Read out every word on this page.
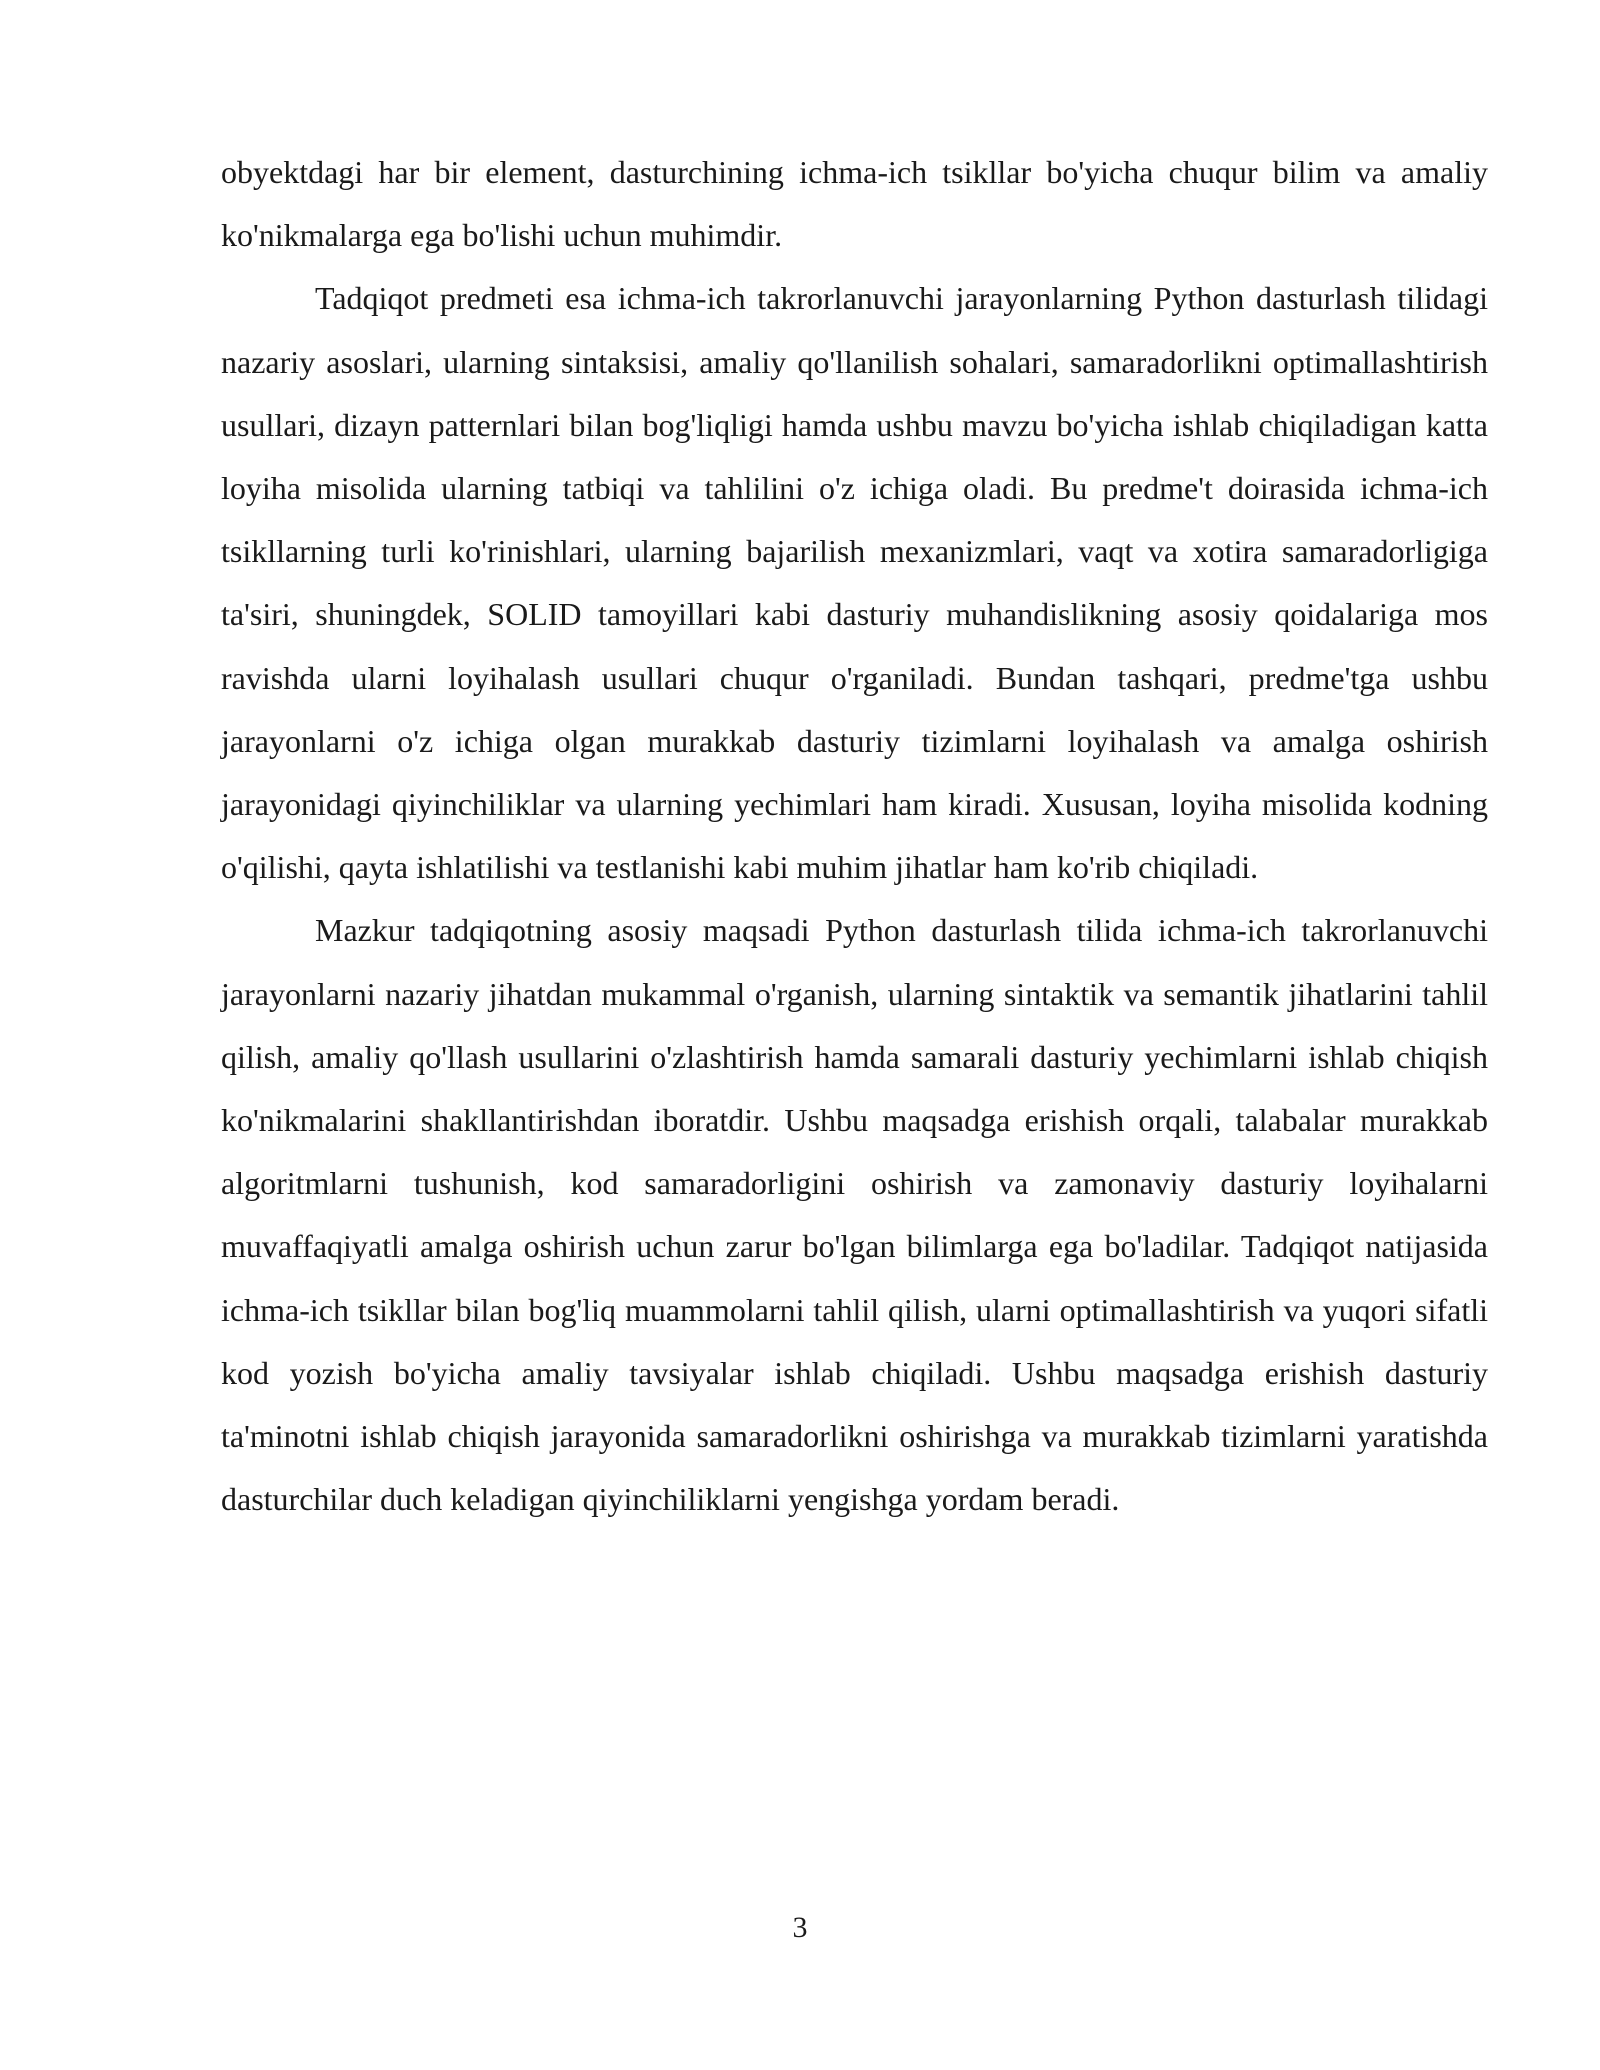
obyektdagi har bir element, dasturchining ichma-ich tsikllar bo'yicha chuqur bilim va amaliy ko'nikmalarga ega bo'lishi uchun muhimdir.

Tadqiqot predmeti esa ichma-ich takrorlanuvchi jarayonlarning Python dasturlash tilidagi nazariy asoslari, ularning sintaksisi, amaliy qo'llanilish sohalari, samaradorlikni optimallashtirish usullari, dizayn patternlari bilan bog'liqligi hamda ushbu mavzu bo'yicha ishlab chiqiladigan katta loyiha misolida ularning tatbiqi va tahlilini o'z ichiga oladi. Bu predme't doirasida ichma-ich tsikllarning turli ko'rinishlari, ularning bajarilish mexanizmlari, vaqt va xotira samaradorligiga ta'siri, shuningdek, SOLID tamoyillari kabi dasturiy muhandislikning asosiy qoidalariga mos ravishda ularni loyihalash usullari chuqur o'rganiladi. Bundan tashqari, predme'tga ushbu jarayonlarni o'z ichiga olgan murakkab dasturiy tizimlarni loyihalash va amalga oshirish jarayonidagi qiyinchiliklar va ularning yechimlari ham kiradi. Xususan, loyiha misolida kodning o'qilishi, qayta ishlatilishi va testlanishi kabi muhim jihatlar ham ko'rib chiqiladi.

Mazkur tadqiqotning asosiy maqsadi Python dasturlash tilida ichma-ich takrorlanuvchi jarayonlarni nazariy jihatdan mukammal o'rganish, ularning sintaktik va semantik jihatlarini tahlil qilish, amaliy qo'llash usullarini o'zlashtirish hamda samarali dasturiy yechimlarni ishlab chiqish ko'nikmalarini shakllantirishdan iboratdir. Ushbu maqsadga erishish orqali, talabalar murakkab algoritmlarni tushunish, kod samaradorligini oshirish va zamonaviy dasturiy loyihalarni muvaffaqiyatli amalga oshirish uchun zarur bo'lgan bilimlarga ega bo'ladilar. Tadqiqot natijasida ichma-ich tsikllar bilan bog'liq muammolarni tahlil qilish, ularni optimallashtirish va yuqori sifatli kod yozish bo'yicha amaliy tavsiyalar ishlab chiqiladi. Ushbu maqsadga erishish dasturiy ta'minotni ishlab chiqish jarayonida samaradorlikni oshirishga va murakkab tizimlarni yaratishda dasturchilar duch keladigan qiyinchiliklarni yengishga yordam beradi.

3
